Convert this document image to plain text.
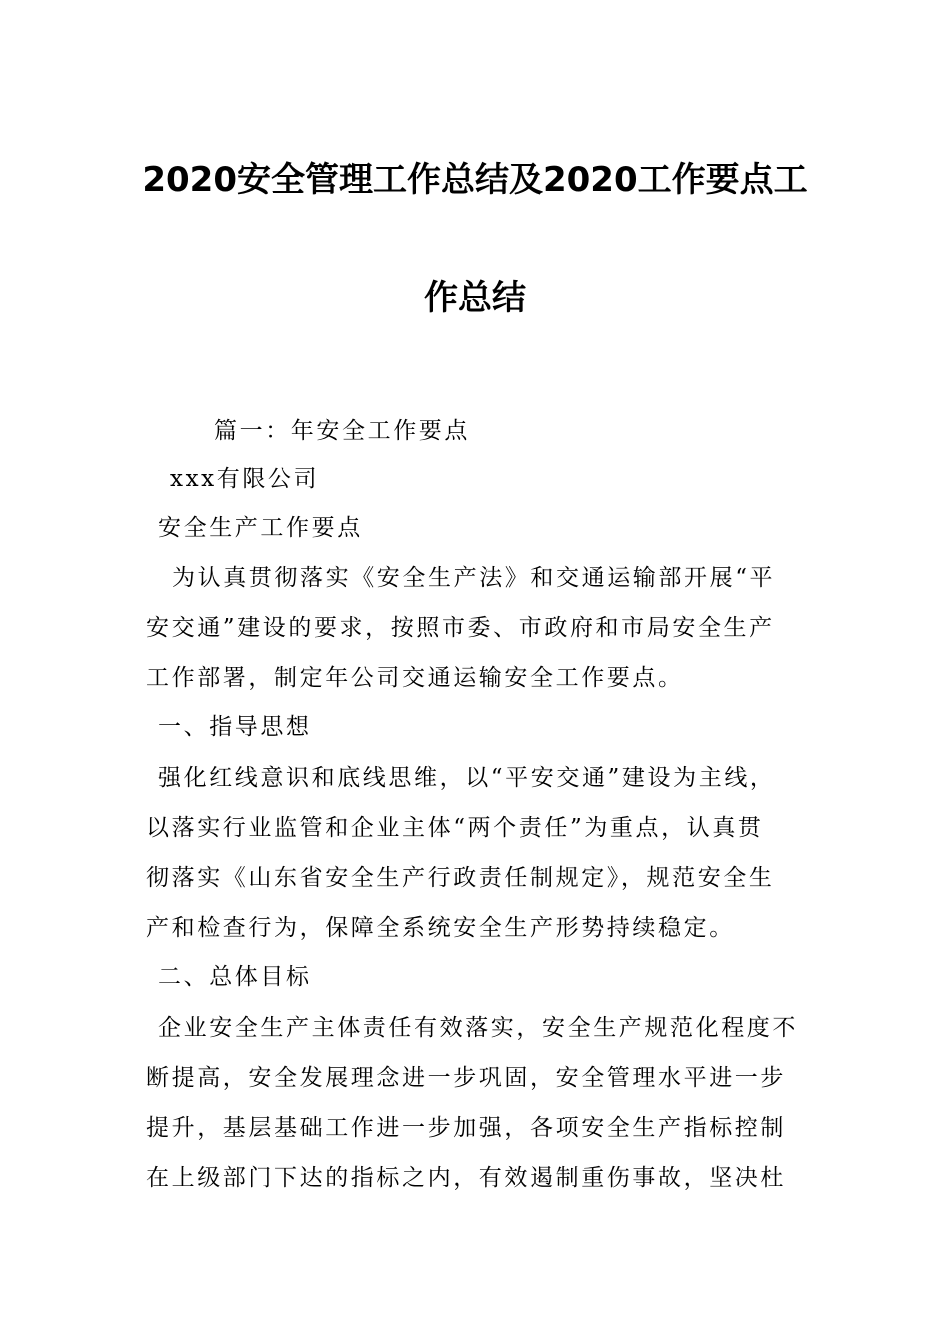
2020安全管理工作总结及2020工作要点工
作总结
篇一：年安全工作要点
xxx有限公司
安全生产工作要点
为认真贯彻落实《安全生产法》和交通运输部开展“平
安交通”建设的要求，按照市委、市政府和市局安全生产
工作部署，制定年公司交通运输安全工作要点。
一、指导思想
强化红线意识和底线思维，以“平安交通”建设为主线，
以落实行业监管和企业主体“两个责任”为重点，认真贯
彻落实《山东省安全生产行政责任制规定》，规范安全生
产和检查行为，保障全系统安全生产形势持续稳定。
二、总体目标
企业安全生产主体责任有效落实，安全生产规范化程度不
断提高，安全发展理念进一步巩固，安全管理水平进一步
提升，基层基础工作进一步加强，各项安全生产指标控制
在上级部门下达的指标之内，有效遏制重伤事故，坚决杜
